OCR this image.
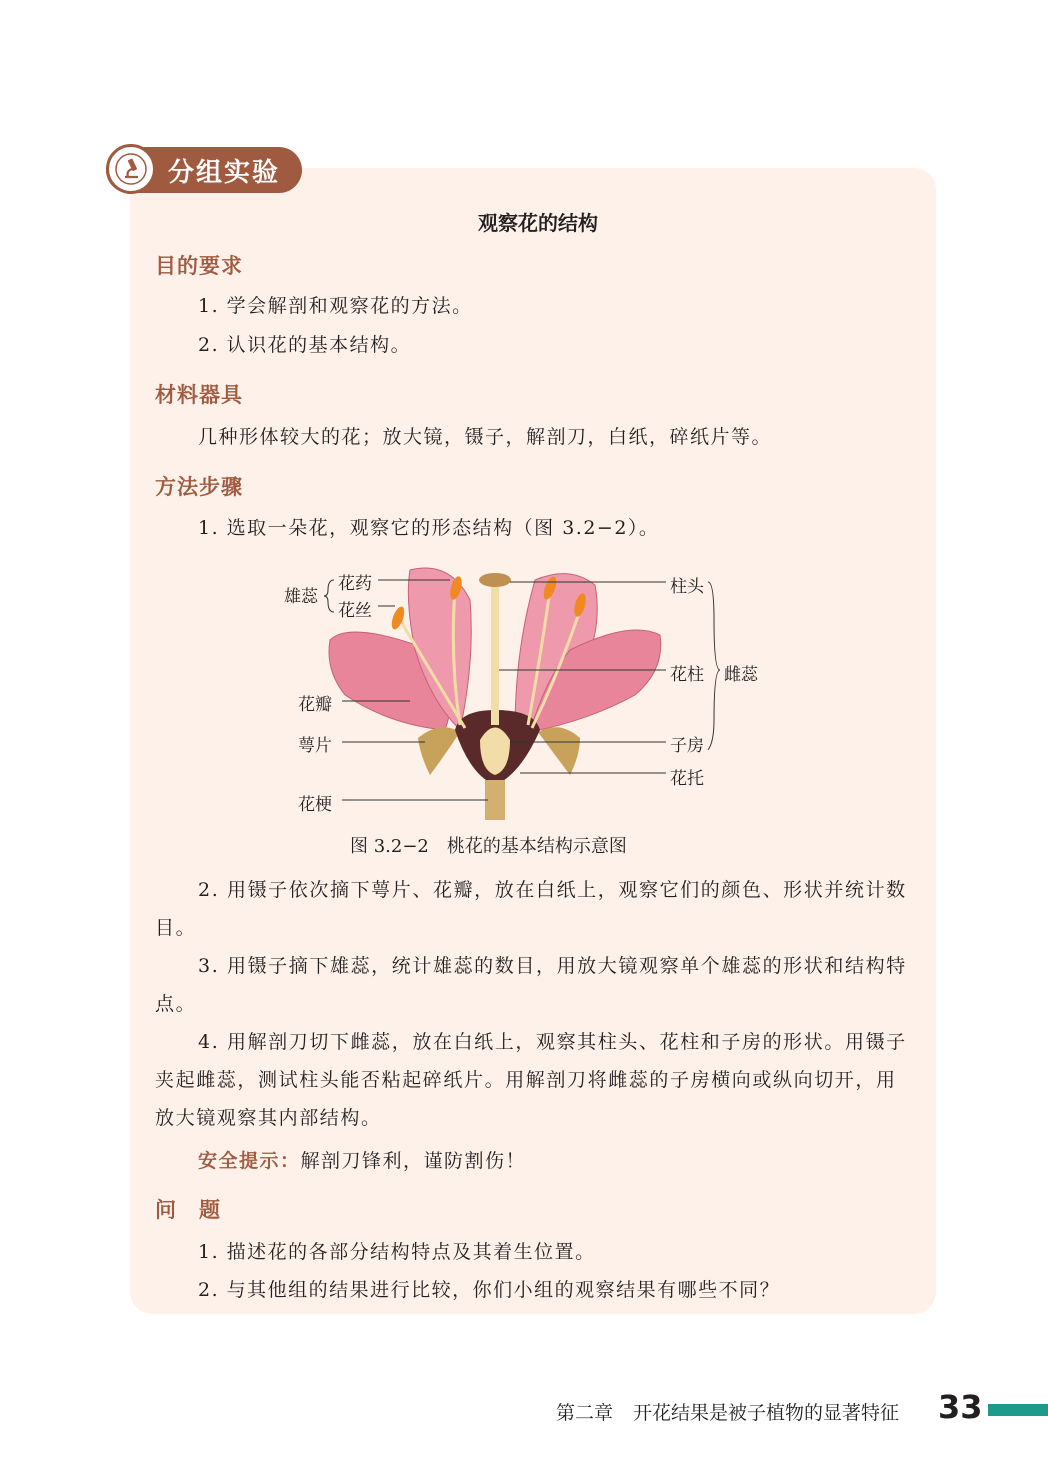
分组实验
观察花的结构
目的要求
1. 学会解剖和观察花的方法。
2. 认识花的基本结构。
材料器具
几种形体较大的花；放大镜，镊子，解剖刀，白纸，碎纸片等。
方法步骤
1. 选取一朵花，观察它的形态结构（图 3.2−2）。
雄蕊
花药
花丝
花瓣
萼片
花梗
柱头
花柱 雌蕊
子房
花托
图 3.2−2 桃花的基本结构示意图
2. 用镊子依次摘下萼片、花瓣，放在白纸上，观察它们的颜色、形状并统计数目。
3. 用镊子摘下雄蕊，统计雄蕊的数目，用放大镜观察单个雄蕊的形状和结构特点。
4. 用解剖刀切下雌蕊，放在白纸上，观察其柱头、花柱和子房的形状。用镊子夹起雌蕊，测试柱头能否粘起碎纸片。用解剖刀将雌蕊的子房横向或纵向切开，用放大镜观察其内部结构。
安全提示：解剖刀锋利，谨防割伤！
问　题
1. 描述花的各部分结构特点及其着生位置。
2. 与其他组的结果进行比较，你们小组的观察结果有哪些不同？
第二章 开花结果是被子植物的显著特征 33
